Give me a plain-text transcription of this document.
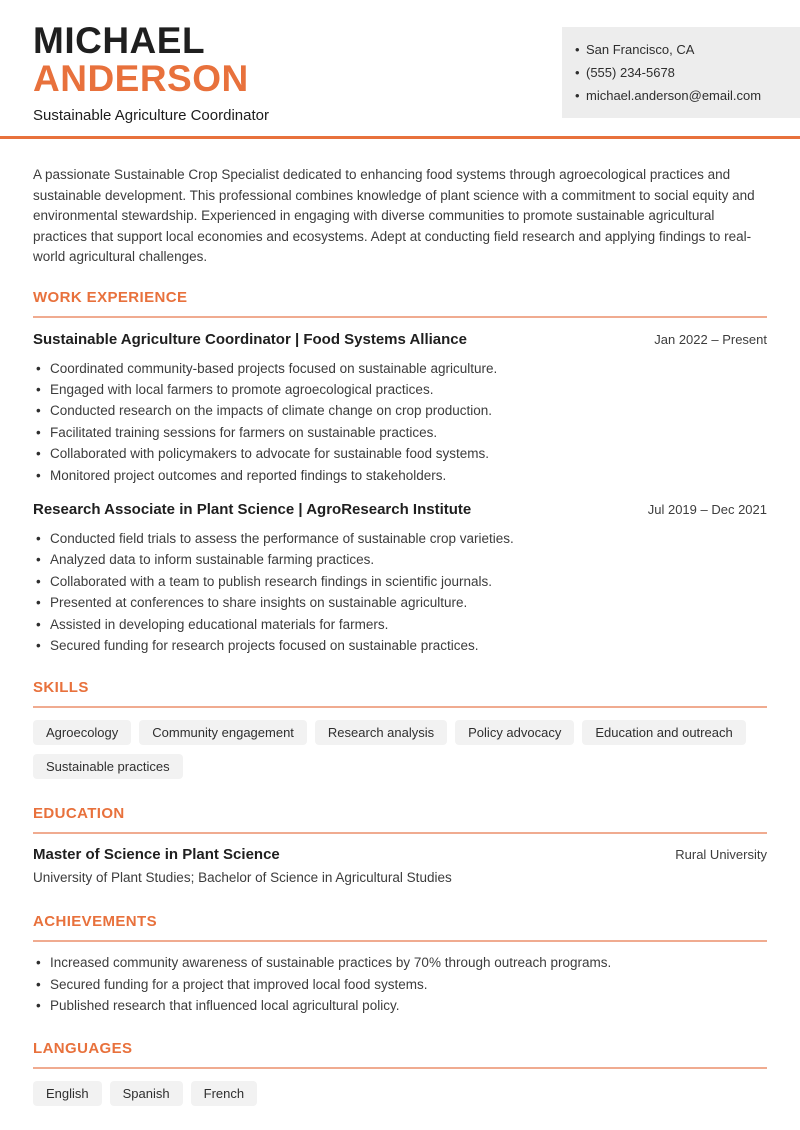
MICHAEL
ANDERSON
Sustainable Agriculture Coordinator
• San Francisco, CA
• (555) 234-5678
• michael.anderson@email.com

A passionate Sustainable Crop Specialist dedicated to enhancing food systems through agroecological practices and sustainable development. This professional combines knowledge of plant science with a commitment to social equity and environmental stewardship. Experienced in engaging with diverse communities to promote sustainable agricultural practices that support local economies and ecosystems. Adept at conducting field research and applying findings to real-world agricultural challenges.

WORK EXPERIENCE
Sustainable Agriculture Coordinator | Food Systems Alliance	Jan 2022 – Present
• Coordinated community-based projects focused on sustainable agriculture.
• Engaged with local farmers to promote agroecological practices.
• Conducted research on the impacts of climate change on crop production.
• Facilitated training sessions for farmers on sustainable practices.
• Collaborated with policymakers to advocate for sustainable food systems.
• Monitored project outcomes and reported findings to stakeholders.
Research Associate in Plant Science | AgroResearch Institute	Jul 2019 – Dec 2021
• Conducted field trials to assess the performance of sustainable crop varieties.
• Analyzed data to inform sustainable farming practices.
• Collaborated with a team to publish research findings in scientific journals.
• Presented at conferences to share insights on sustainable agriculture.
• Assisted in developing educational materials for farmers.
• Secured funding for research projects focused on sustainable practices.
SKILLS
Agroecology	Community engagement	Research analysis	Policy advocacy	Education and outreach
Sustainable practices
EDUCATION
Master of Science in Plant Science	Rural University
University of Plant Studies; Bachelor of Science in Agricultural Studies
ACHIEVEMENTS
• Increased community awareness of sustainable practices by 70% through outreach programs.
• Secured funding for a project that improved local food systems.
• Published research that influenced local agricultural policy.
LANGUAGES
English	Spanish	French
